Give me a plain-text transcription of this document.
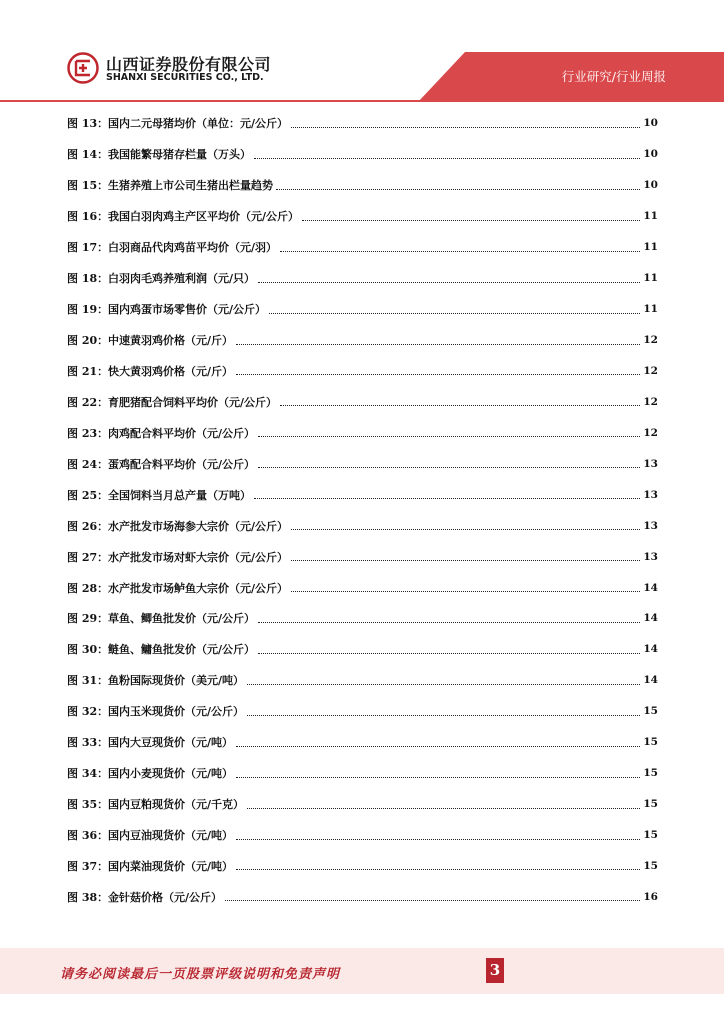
山西证券股份有限公司
SHANXI SECURITIES CO., LTD.	行业研究/行业周报
图 13： 国内二元母猪均价（单位：元/公斤）	10
图 14： 我国能繁母猪存栏量（万头）	10
图 15： 生猪养殖上市公司生猪出栏量趋势	10
图 16： 我国白羽肉鸡主产区平均价（元/公斤）	11
图 17： 白羽商品代肉鸡苗平均价（元/羽）	11
图 18： 白羽肉毛鸡养殖利润（元/只）	11
图 19： 国内鸡蛋市场零售价（元/公斤）	11
图 20： 中速黄羽鸡价格（元/斤）	12
图 21： 快大黄羽鸡价格（元/斤）	12
图 22： 育肥猪配合饲料平均价（元/公斤）	12
图 23： 肉鸡配合料平均价（元/公斤）	12
图 24： 蛋鸡配合料平均价（元/公斤）	13
图 25： 全国饲料当月总产量（万吨）	13
图 26： 水产批发市场海参大宗价（元/公斤）	13
图 27： 水产批发市场对虾大宗价（元/公斤）	13
图 28： 水产批发市场鲈鱼大宗价（元/公斤）	14
图 29： 草鱼、鲫鱼批发价（元/公斤）	14
图 30： 鲢鱼、鳙鱼批发价（元/公斤）	14
图 31： 鱼粉国际现货价（美元/吨）	14
图 32： 国内玉米现货价（元/公斤）	15
图 33： 国内大豆现货价（元/吨）	15
图 34： 国内小麦现货价（元/吨）	15
图 35： 国内豆粕现货价（元/千克）	15
图 36： 国内豆油现货价（元/吨）	15
图 37： 国内菜油现货价（元/吨）	15
图 38： 金针菇价格（元/公斤）	16
请务必阅读最后一页股票评级说明和免责声明	3
